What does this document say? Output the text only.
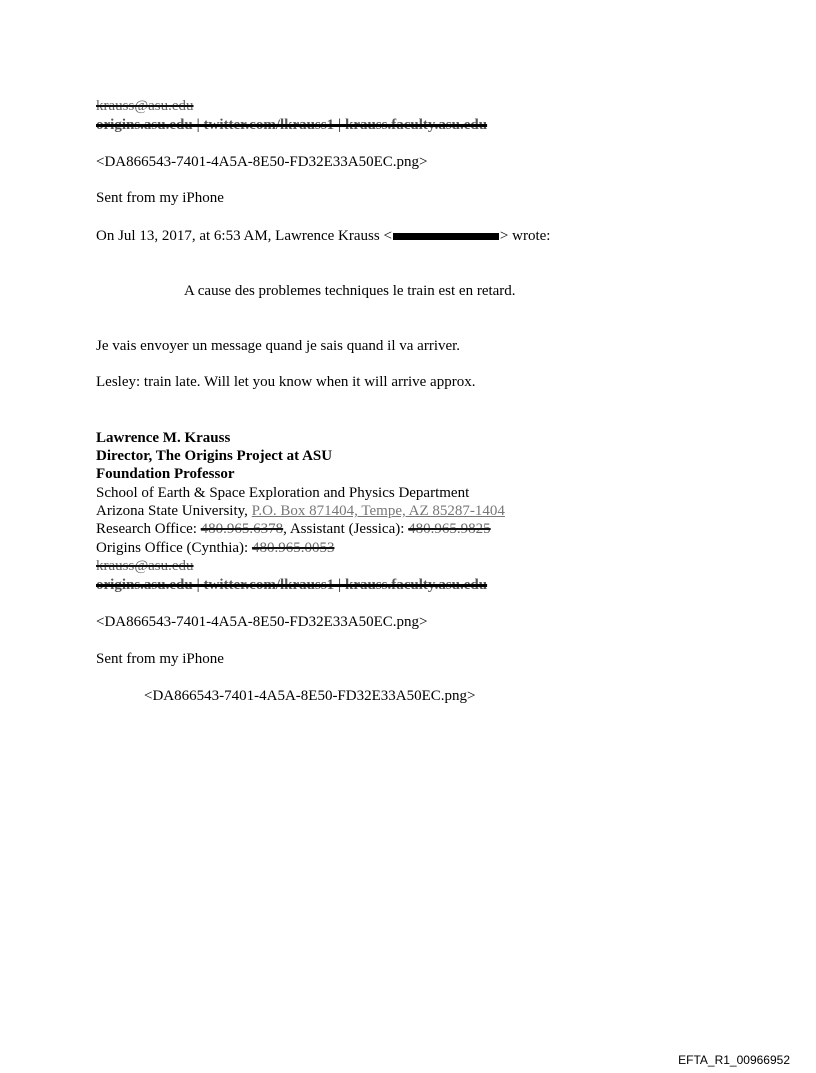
krauss@asu.edu
origins.asu.edu | twitter.com/lkrauss1 | krauss.faculty.asu.edu
<DA866543-7401-4A5A-8E50-FD32E33A50EC.png>
Sent from my iPhone
On Jul 13, 2017, at 6:53 AM, Lawrence Krauss <	> wrote:
A cause des problemes techniques le train est en retard.
Je vais envoyer un message quand je sais quand il va arriver.
Lesley: train late. Will let you know when it will arrive approx.
Lawrence M. Krauss
Director, The Origins Project at ASU
Foundation Professor
School of Earth & Space Exploration and Physics Department
Arizona State University, P.O. Box 871404, Tempe, AZ 85287-1404
Research Office: 480.965.6378, Assistant (Jessica): 480.965.9825
Origins Office (Cynthia): 480.965.0053
krauss@asu.edu
origins.asu.edu | twitter.com/lkrauss1 | krauss.faculty.asu.edu
<DA866543-7401-4A5A-8E50-FD32E33A50EC.png>
Sent from my iPhone
<DA866543-7401-4A5A-8E50-FD32E33A50EC.png>
EFTA_R1_00966952
